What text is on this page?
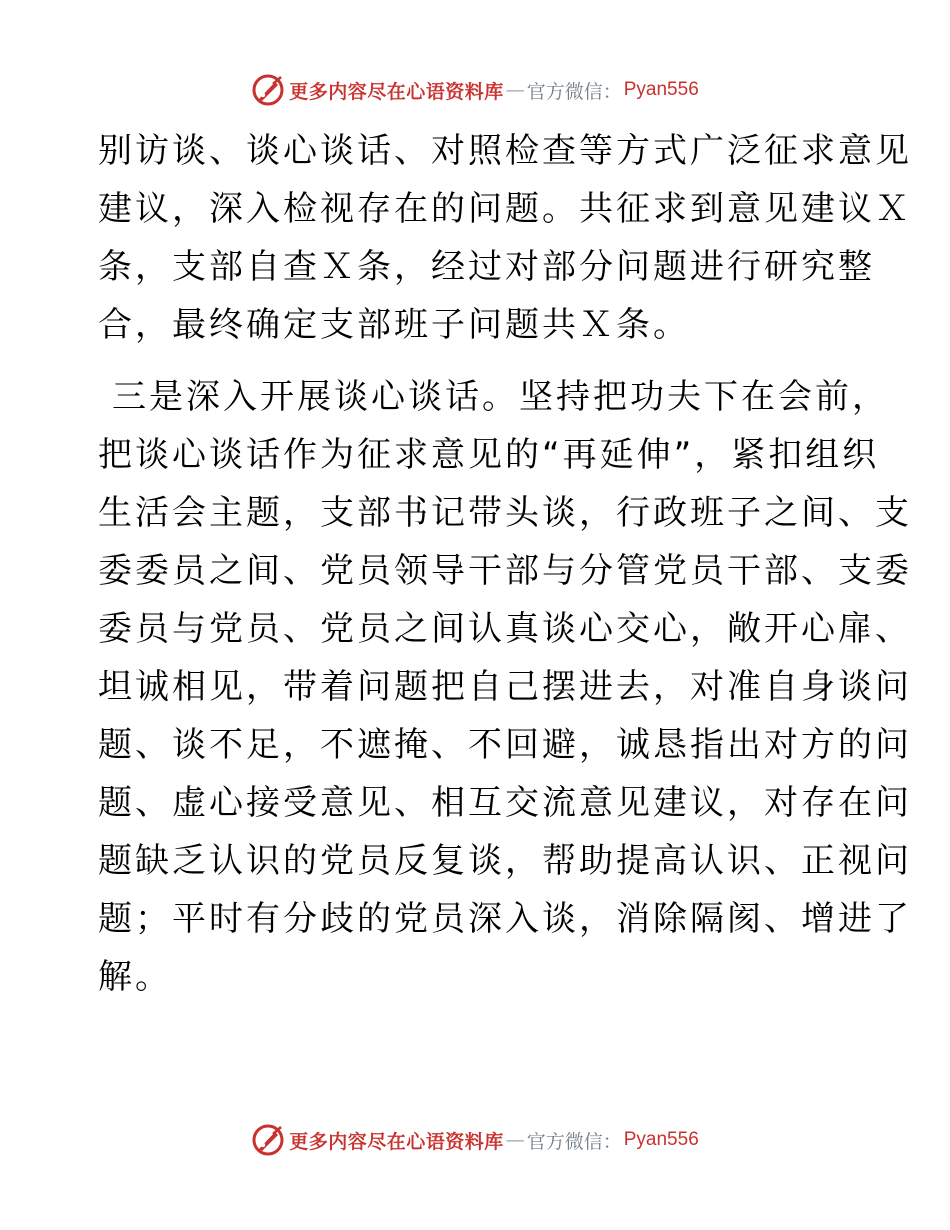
更多内容尽在心语资料库 — 官方微信： Pyan556
别访谈、谈心谈话、对照检查等方式广泛征求意见
建议，深入检视存在的问题。共征求到意见建议Ｘ
条，支部自查Ｘ条，经过对部分问题进行研究整
合，最终确定支部班子问题共Ｘ条。
三是深入开展谈心谈话。坚持把功夫下在会前，
把谈心谈话作为征求意见的“再延伸”，紧扣组织
生活会主题，支部书记带头谈，行政班子之间、支
委委员之间、党员领导干部与分管党员干部、支委
委员与党员、党员之间认真谈心交心，敞开心扉、
坦诚相见，带着问题把自己摆进去，对准自身谈问
题、谈不足，不遮掩、不回避，诚恳指出对方的问
题、虚心接受意见、相互交流意见建议，对存在问
题缺乏认识的党员反复谈，帮助提高认识、正视问
题；平时有分歧的党员深入谈，消除隔阂、增进了
解。
更多内容尽在心语资料库 — 官方微信： Pyan556
